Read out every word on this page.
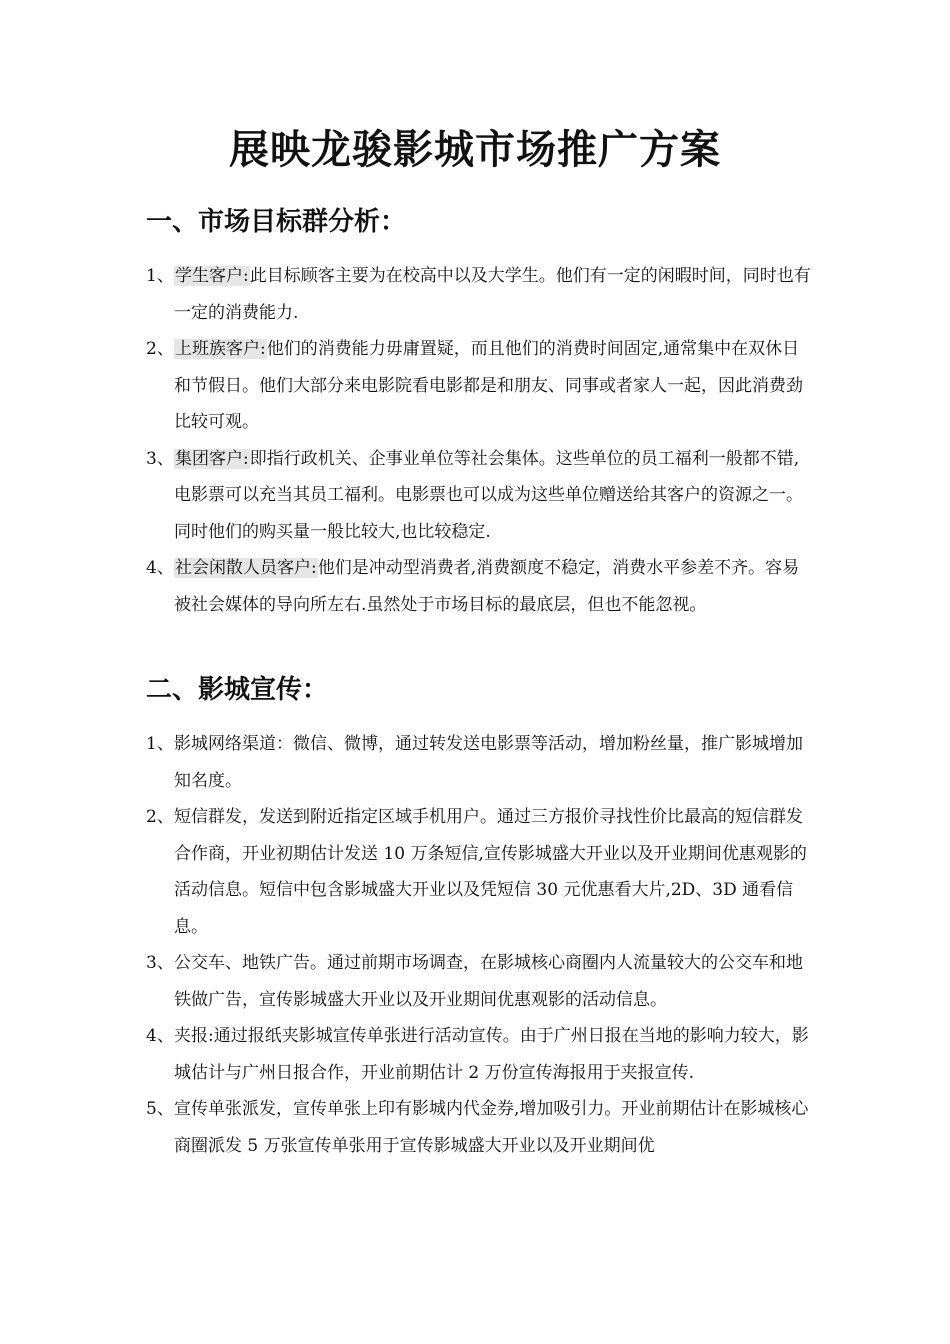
展映龙骏影城市场推广方案
一、市场目标群分析：
1、 学生客户:此目标顾客主要为在校高中以及大学生。他们有一定的闲暇时间，同时也有一定的消费能力.
2、 上班族客户:他们的消费能力毋庸置疑，而且他们的消费时间固定,通常集中在双休日和节假日。他们大部分来电影院看电影都是和朋友、同事或者家人一起，因此消费劲比较可观。
3、 集团客户:即指行政机关、企事业单位等社会集体。这些单位的员工福利一般都不错,电影票可以充当其员工福利。电影票也可以成为这些单位赠送给其客户的资源之一。同时他们的购买量一般比较大,也比较稳定.
4、 社会闲散人员客户:他们是冲动型消费者,消费额度不稳定，消费水平参差不齐。容易被社会媒体的导向所左右.虽然处于市场目标的最底层，但也不能忽视。
二、影城宣传：
1、 影城网络渠道：微信、微博，通过转发送电影票等活动，增加粉丝量，推广影城增加知名度。
2、 短信群发，发送到附近指定区域手机用户。通过三方报价寻找性价比最高的短信群发合作商，开业初期估计发送 10 万条短信,宣传影城盛大开业以及开业期间优惠观影的活动信息。短信中包含影城盛大开业以及凭短信 30 元优惠看大片,2D、3D 通看信息。
3、 公交车、地铁广告。通过前期市场调查，在影城核心商圈内人流量较大的公交车和地铁做广告，宣传影城盛大开业以及开业期间优惠观影的活动信息。
4、 夹报:通过报纸夹影城宣传单张进行活动宣传。由于广州日报在当地的影响力较大，影城估计与广州日报合作，开业前期估计 2 万份宣传海报用于夹报宣传.
5、 宣传单张派发，宣传单张上印有影城内代金券,增加吸引力。开业前期估计在影城核心商圈派发 5 万张宣传单张用于宣传影城盛大开业以及开业期间优
